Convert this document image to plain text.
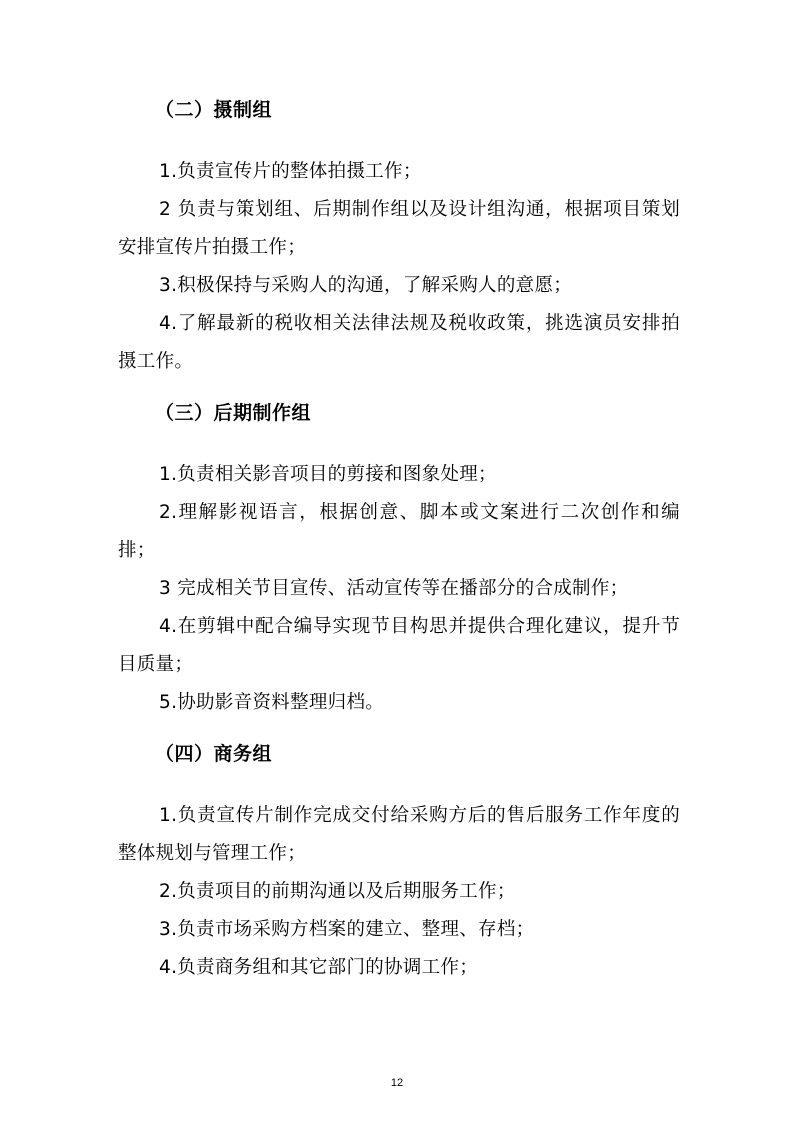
（二）摄制组

1.负责宣传片的整体拍摄工作；

2 负责与策划组、后期制作组以及设计组沟通，根据项目策划安排宣传片拍摄工作；

3.积极保持与采购人的沟通，了解采购人的意愿；

4.了解最新的税收相关法律法规及税收政策，挑选演员安排拍摄工作。

（三）后期制作组

1.负责相关影音项目的剪接和图象处理；

2.理解影视语言，根据创意、脚本或文案进行二次创作和编排；

3 完成相关节目宣传、活动宣传等在播部分的合成制作；

4.在剪辑中配合编导实现节目构思并提供合理化建议，提升节目质量；

5.协助影音资料整理归档。

（四）商务组

1.负责宣传片制作完成交付给采购方后的售后服务工作年度的整体规划与管理工作；

2.负责项目的前期沟通以及后期服务工作；

3.负责市场采购方档案的建立、整理、存档；

4.负责商务组和其它部门的协调工作；

12
